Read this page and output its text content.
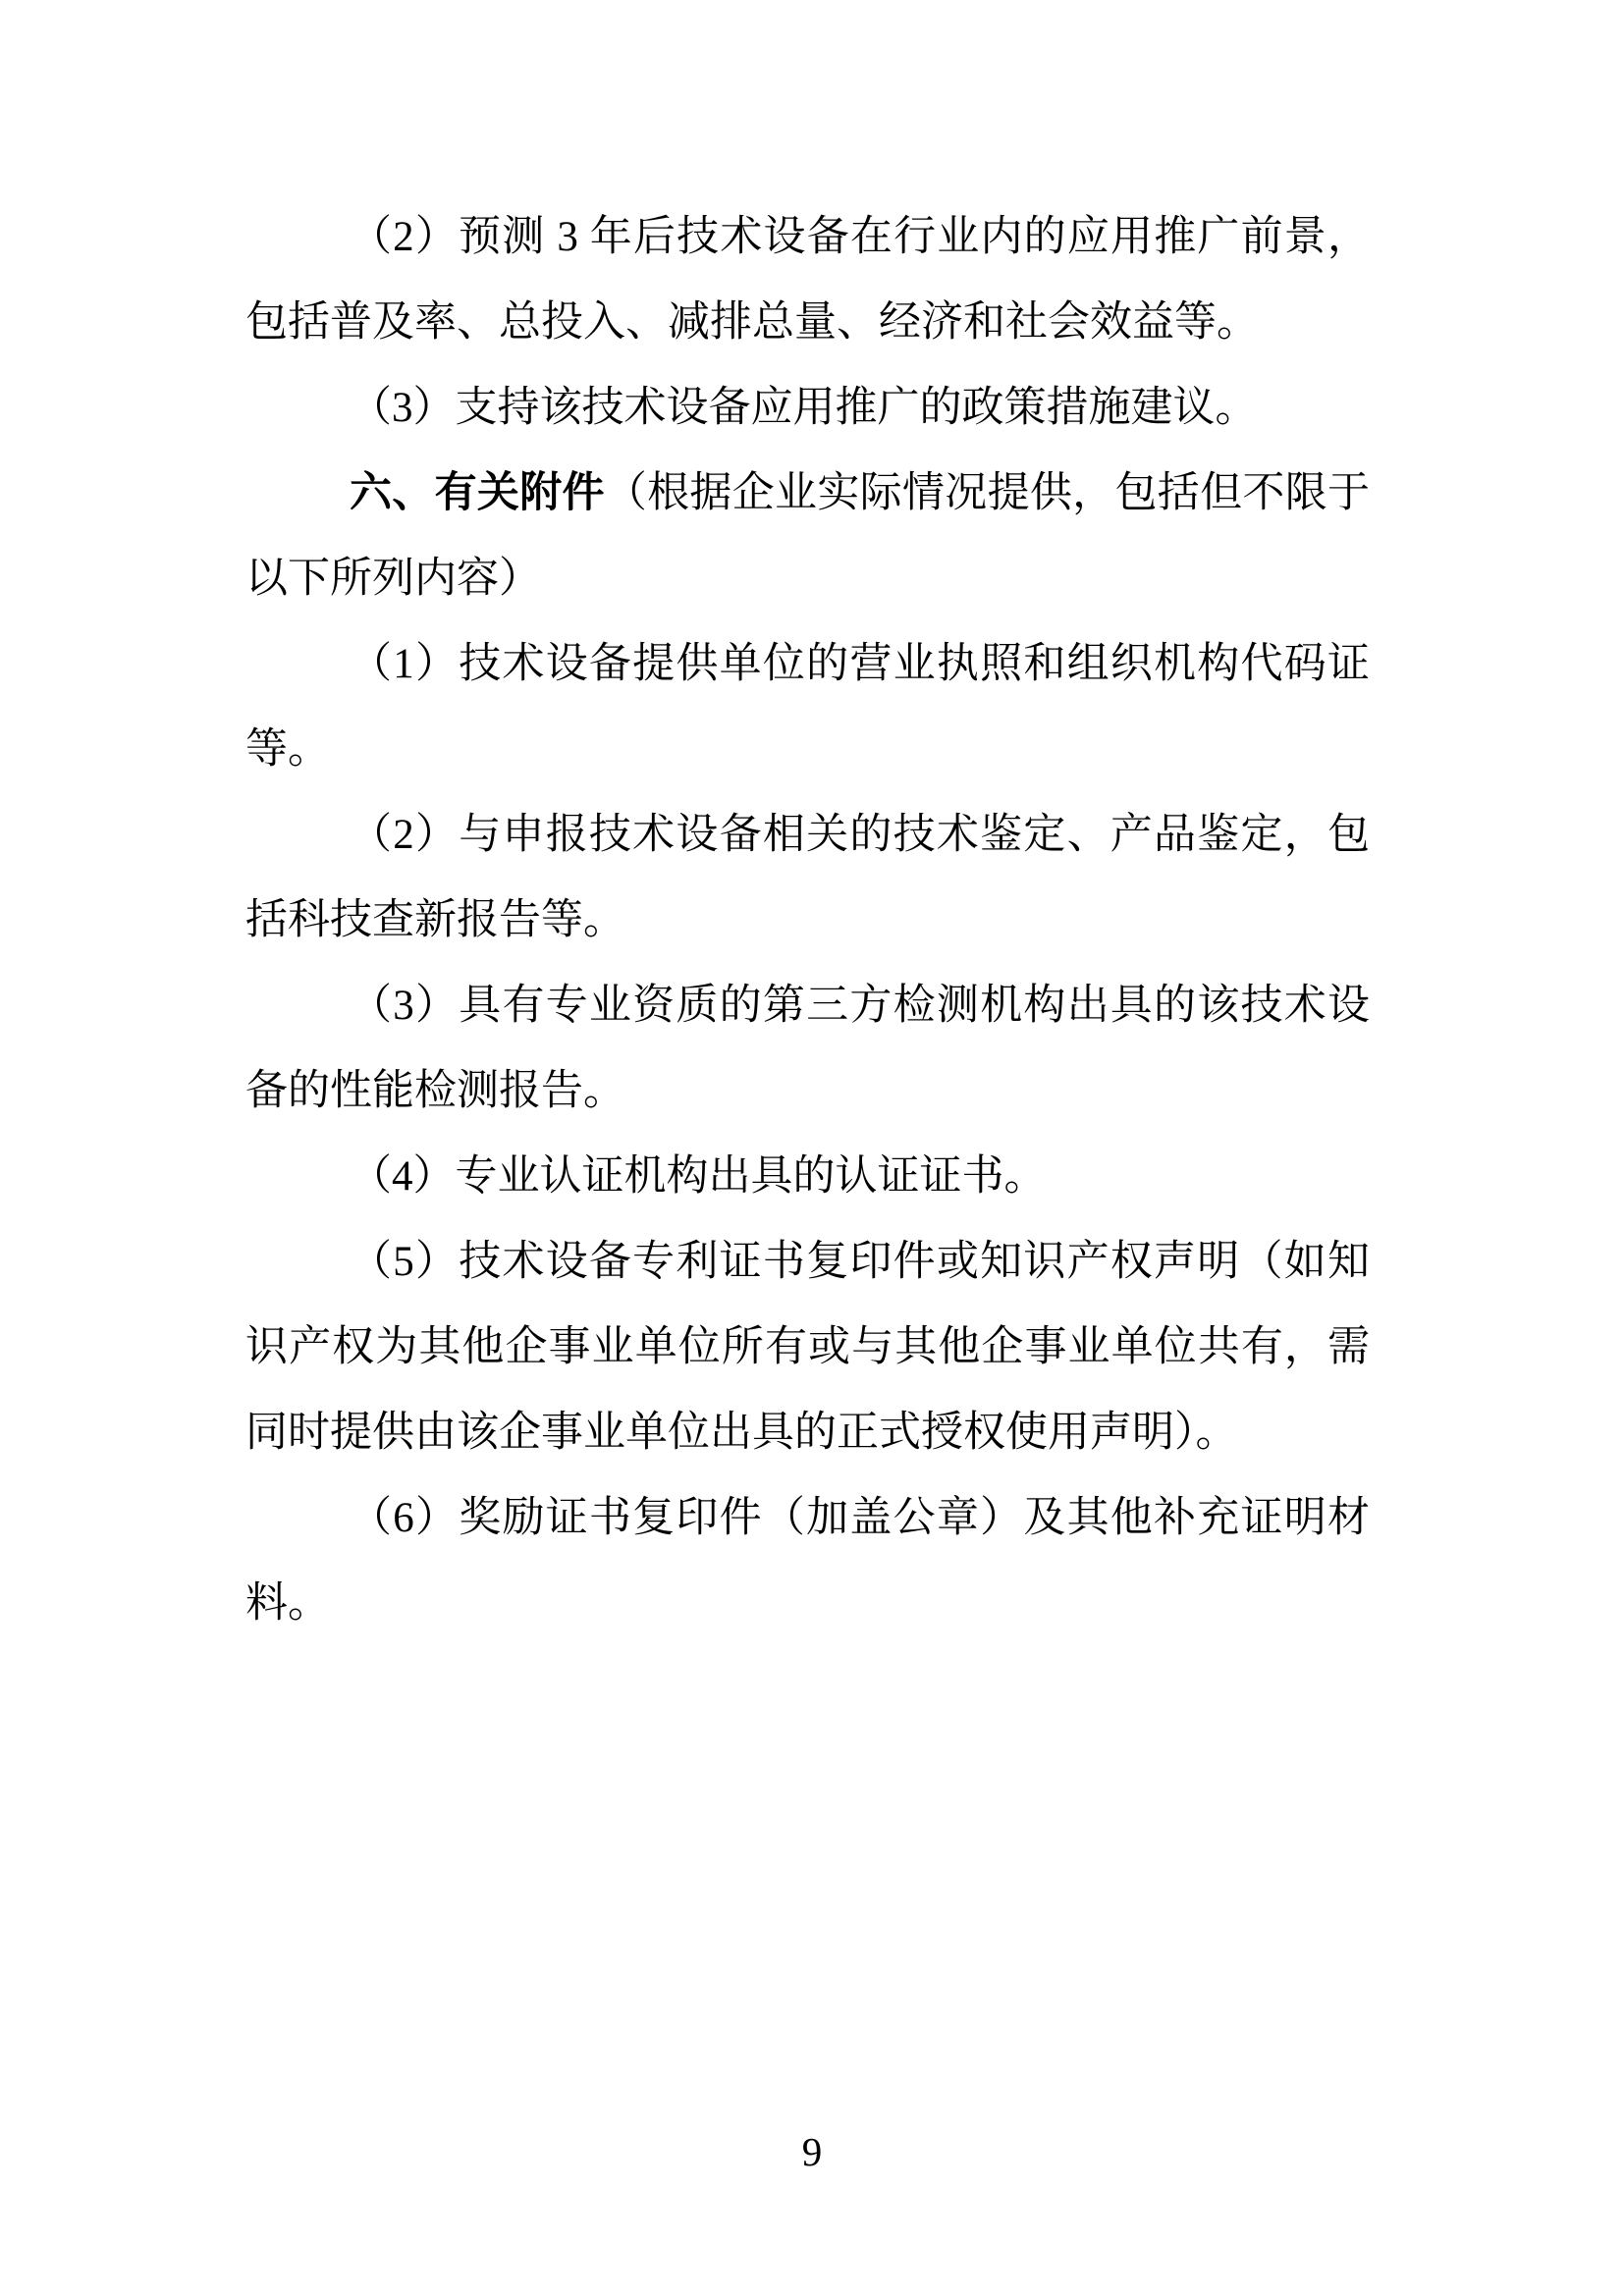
（2）预测 3 年后技术设备在行业内的应用推广前景，

包括普及率、总投入、减排总量、经济和社会效益等。

（3）支持该技术设备应用推广的政策措施建议。

六、有关附件（根据企业实际情况提供，包括但不限于

以下所列内容）

（1）技术设备提供单位的营业执照和组织机构代码证

等。

（2）与申报技术设备相关的技术鉴定、产品鉴定，包

括科技查新报告等。

（3）具有专业资质的第三方检测机构出具的该技术设

备的性能检测报告。

（4）专业认证机构出具的认证证书。

（5）技术设备专利证书复印件或知识产权声明（如知

识产权为其他企事业单位所有或与其他企事业单位共有，需

同时提供由该企事业单位出具的正式授权使用声明）。

（6）奖励证书复印件（加盖公章）及其他补充证明材

料。

9
